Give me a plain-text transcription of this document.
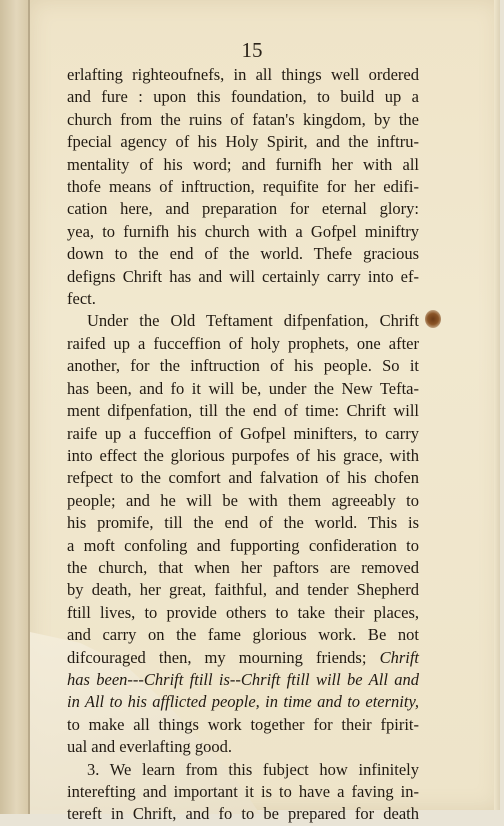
15
erlafting righteoufnefs, in all things well ordered
and fure : upon this foundation, to build up a
church from the ruins of fatan's kingdom, by the
fpecial agency of his Holy Spirit, and the inftru-
mentality of his word; and furnifh her with all
thofe means of inftruction, requifite for her edifi-
cation here, and preparation for eternal glory:
yea, to furnifh his church with a Gofpel miniftry
down to the end of the world. Thefe gracious
defigns Chrift has and will certainly carry into ef-
fect.
Under the Old Teftament difpenfation, Chrift
raifed up a fucceffion of holy prophets, one after
another, for the inftruction of his people. So it
has been, and fo it will be, under the New Tefta-
ment difpenfation, till the end of time: Chrift will
raife up a fucceffion of Gofpel minifters, to carry
into effect the glorious purpofes of his grace, with
refpect to the comfort and falvation of his chofen
people; and he will be with them agreeably to
his promife, till the end of the world. This is
a moft confoling and fupporting confideration to
the church, that when her paftors are removed
by death, her great, faithful, and tender Shepherd
ftill lives, to provide others to take their places,
and carry on the fame glorious work. Be not
difcouraged then, my mourning friends; Chrift
has been---Chrift ftill is--Chrift ftill will be All and
in All to his afflicted people, in time and to eternity,
to make all things work together for their fpirit-
ual and everlafting good.
3. We learn from this fubject how infinitely
interefting and important it is to have a faving in-
tereft in Chrift, and fo to be prepared for death
